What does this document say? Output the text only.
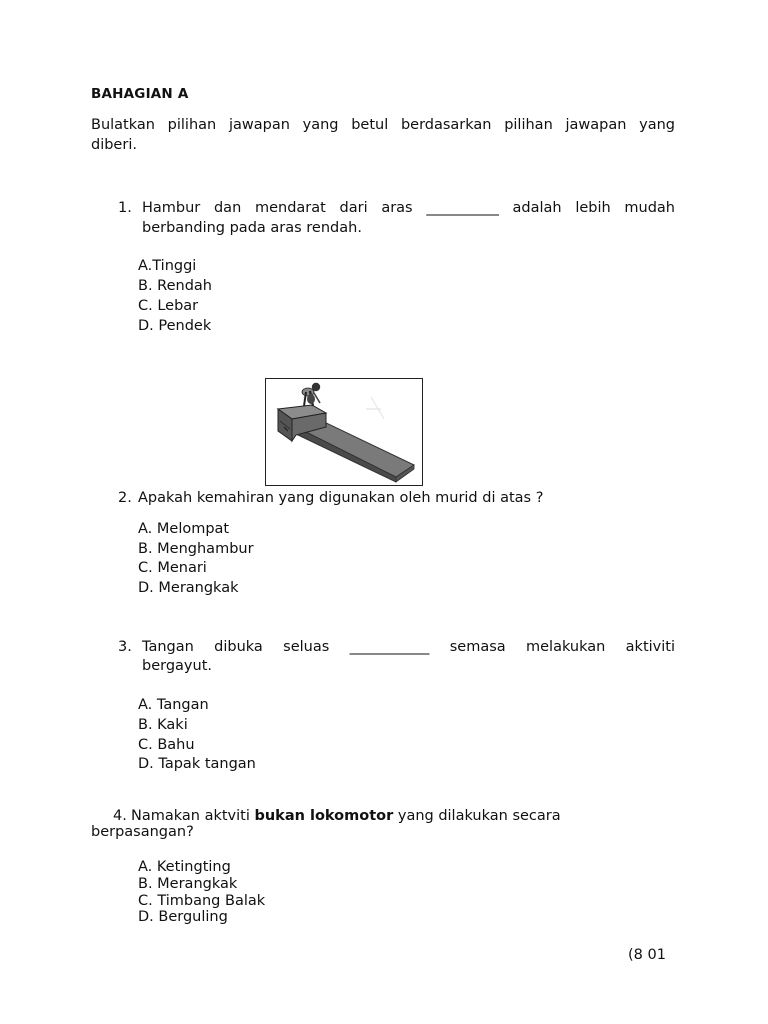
BAHAGIAN A
Bulatkan pilihan jawapan yang betul berdasarkan pilihan jawapan yang
diberi.
1. Hambur dan mendarat dari aras __________ adalah lebih mudah
berbanding pada aras rendah.
A.Tinggi
B. Rendah
C. Lebar
D. Pendek
2. Apakah kemahiran yang digunakan oleh murid di atas ?
A. Melompat
B. Menghambur
C. Menari
D. Merangkak
3. Tangan dibuka seluas ___________ semasa melakukan aktiviti
bergayut.
A. Tangan
B. Kaki
C. Bahu
D. Tapak tangan
4. Namakan aktviti bukan lokomotor yang dilakukan secara
berpasangan?
A. Ketingting
B. Merangkak
C. Timbang Balak
D. Berguling
(8 01
